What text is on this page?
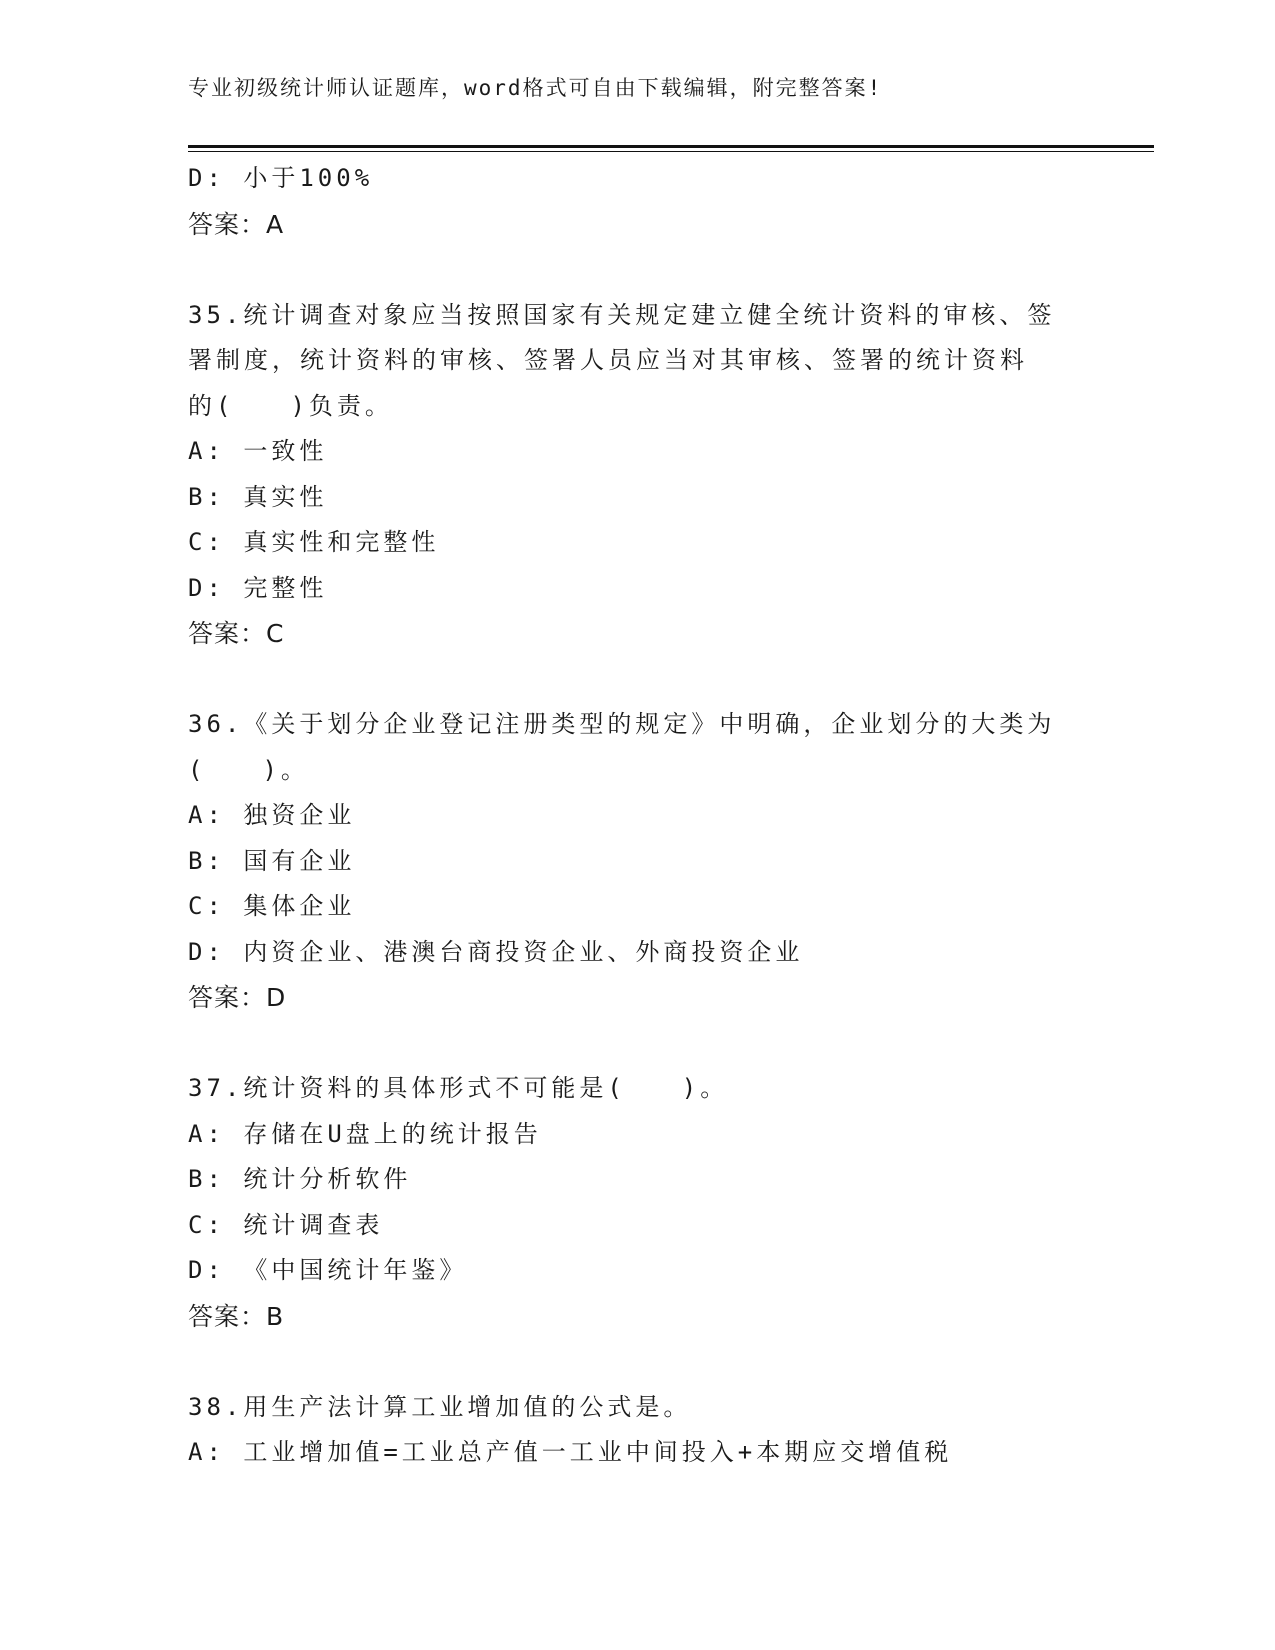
专业初级统计师认证题库，word格式可自由下载编辑，附完整答案!
D: 小于100%
答案：A
35.统计调查对象应当按照国家有关规定建立健全统计资料的审核、签
署制度，统计资料的审核、签署人员应当对其审核、签署的统计资料
的(　　)负责。
A: 一致性
B: 真实性
C: 真实性和完整性
D: 完整性
答案：C
36.《关于划分企业登记注册类型的规定》中明确，企业划分的大类为
(　　)。
A: 独资企业
B: 国有企业
C: 集体企业
D: 内资企业、港澳台商投资企业、外商投资企业
答案：D
37.统计资料的具体形式不可能是(　　)。
A: 存储在U盘上的统计报告
B: 统计分析软件
C: 统计调查表
D: 《中国统计年鉴》
答案：B
38.用生产法计算工业增加值的公式是。
A: 工业增加值=工业总产值一工业中间投入+本期应交增值税
